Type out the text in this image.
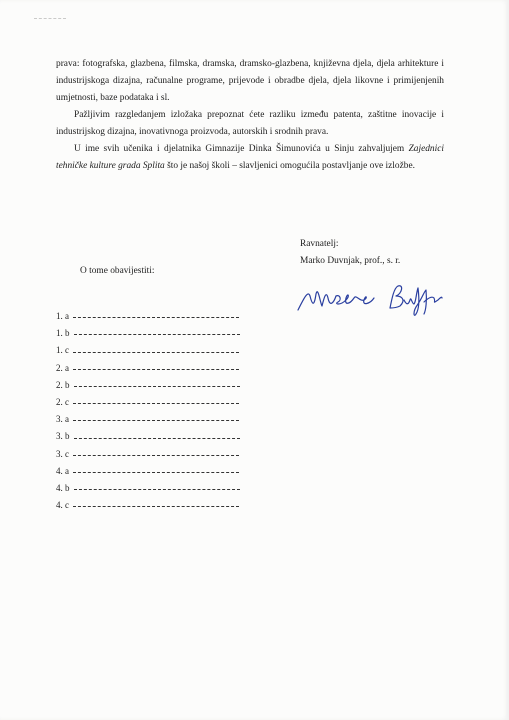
prava: fotografska, glazbena, filmska, dramska, dramsko-glazbena, književna djela, djela arhitekture i industrijskoga dizajna, računalne programe, prijevode i obradbe djela, djela likovne i primijenjenih umjetnosti, baze podataka i sl.

Pažljivim razgledanjem izložaka prepoznat ćete razliku između patenta, zaštitne inovacije i industrijskog dizajna, inovativnoga proizvoda, autorskih i srodnih prava.

U ime svih učenika i djelatnika Gimnazije Dinka Šimunovića u Sinju zahvaljujem Zajednici tehničke kulture grada Splita što je našoj školi – slavljenici omogućila postavljanje ove izložbe.

Ravnatelj:
Marko Duvnjak, prof., s. r.
O tome obavijestiti:
1. a
1. b
1. c
2. a
2. b
2. c
3. a
3. b
3. c
4. a
4. b
4. c
